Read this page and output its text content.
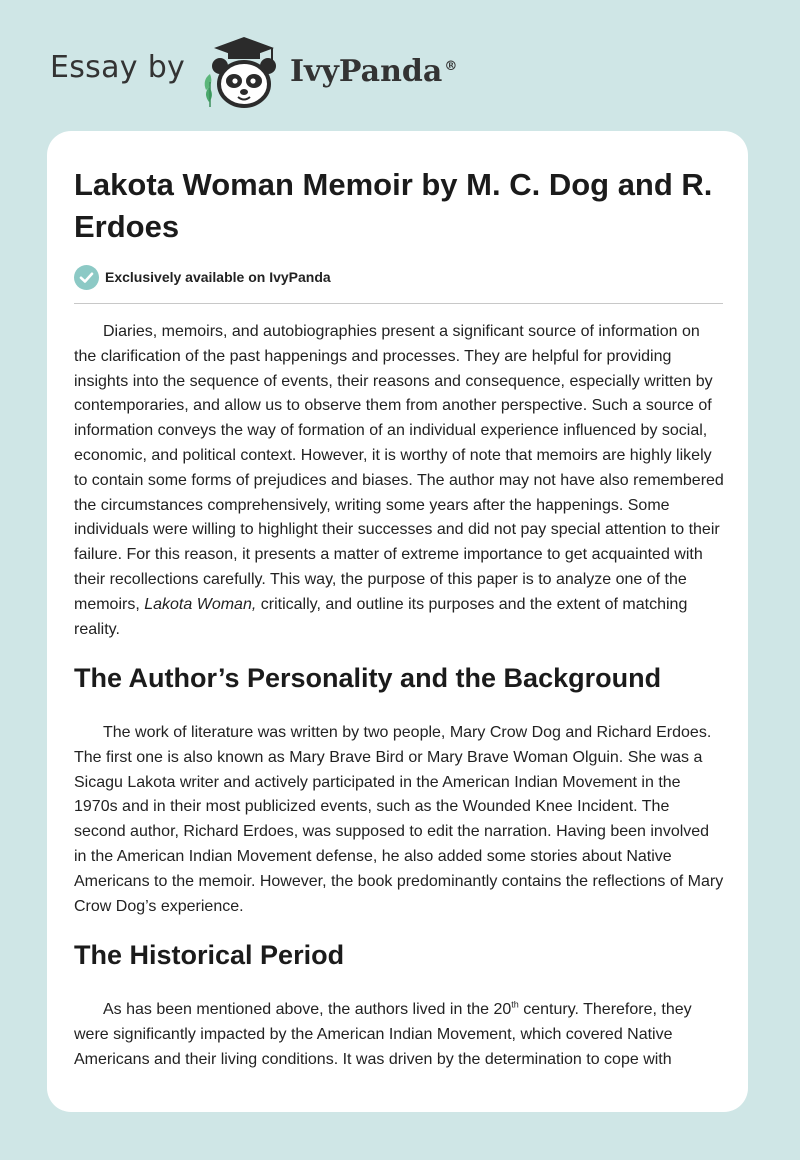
Essay by	IvyPanda ®
Lakota Woman Memoir by M. C. Dog and R. Erdoes
Exclusively available on IvyPanda

Diaries, memoirs, and autobiographies present a significant source of information on the clarification of the past happenings and processes. They are helpful for providing insights into the sequence of events, their reasons and consequence, especially written by contemporaries, and allow us to observe them from another perspective. Such a source of information conveys the way of formation of an individual experience influenced by social, economic, and political context. However, it is worthy of note that memoirs are highly likely to contain some forms of prejudices and biases. The author may not have also remembered the circumstances comprehensively, writing some years after the happenings. Some individuals were willing to highlight their successes and did not pay special attention to their failure. For this reason, it presents a matter of extreme importance to get acquainted with their recollections carefully. This way, the purpose of this paper is to analyze one of the memoirs, Lakota Woman, critically, and outline its purposes and the extent of matching reality.

The Author’s Personality and the Background

The work of literature was written by two people, Mary Crow Dog and Richard Erdoes. The first one is also known as Mary Brave Bird or Mary Brave Woman Olguin. She was a Sicagu Lakota writer and actively participated in the American Indian Movement in the 1970s and in their most publicized events, such as the Wounded Knee Incident. The second author, Richard Erdoes, was supposed to edit the narration. Having been involved in the American Indian Movement defense, he also added some stories about Native Americans to the memoir. However, the book predominantly contains the reflections of Mary Crow Dog’s experience.

The Historical Period

As has been mentioned above, the authors lived in the 20th century. Therefore, they were significantly impacted by the American Indian Movement, which covered Native Americans and their living conditions. It was driven by the determination to cope with
